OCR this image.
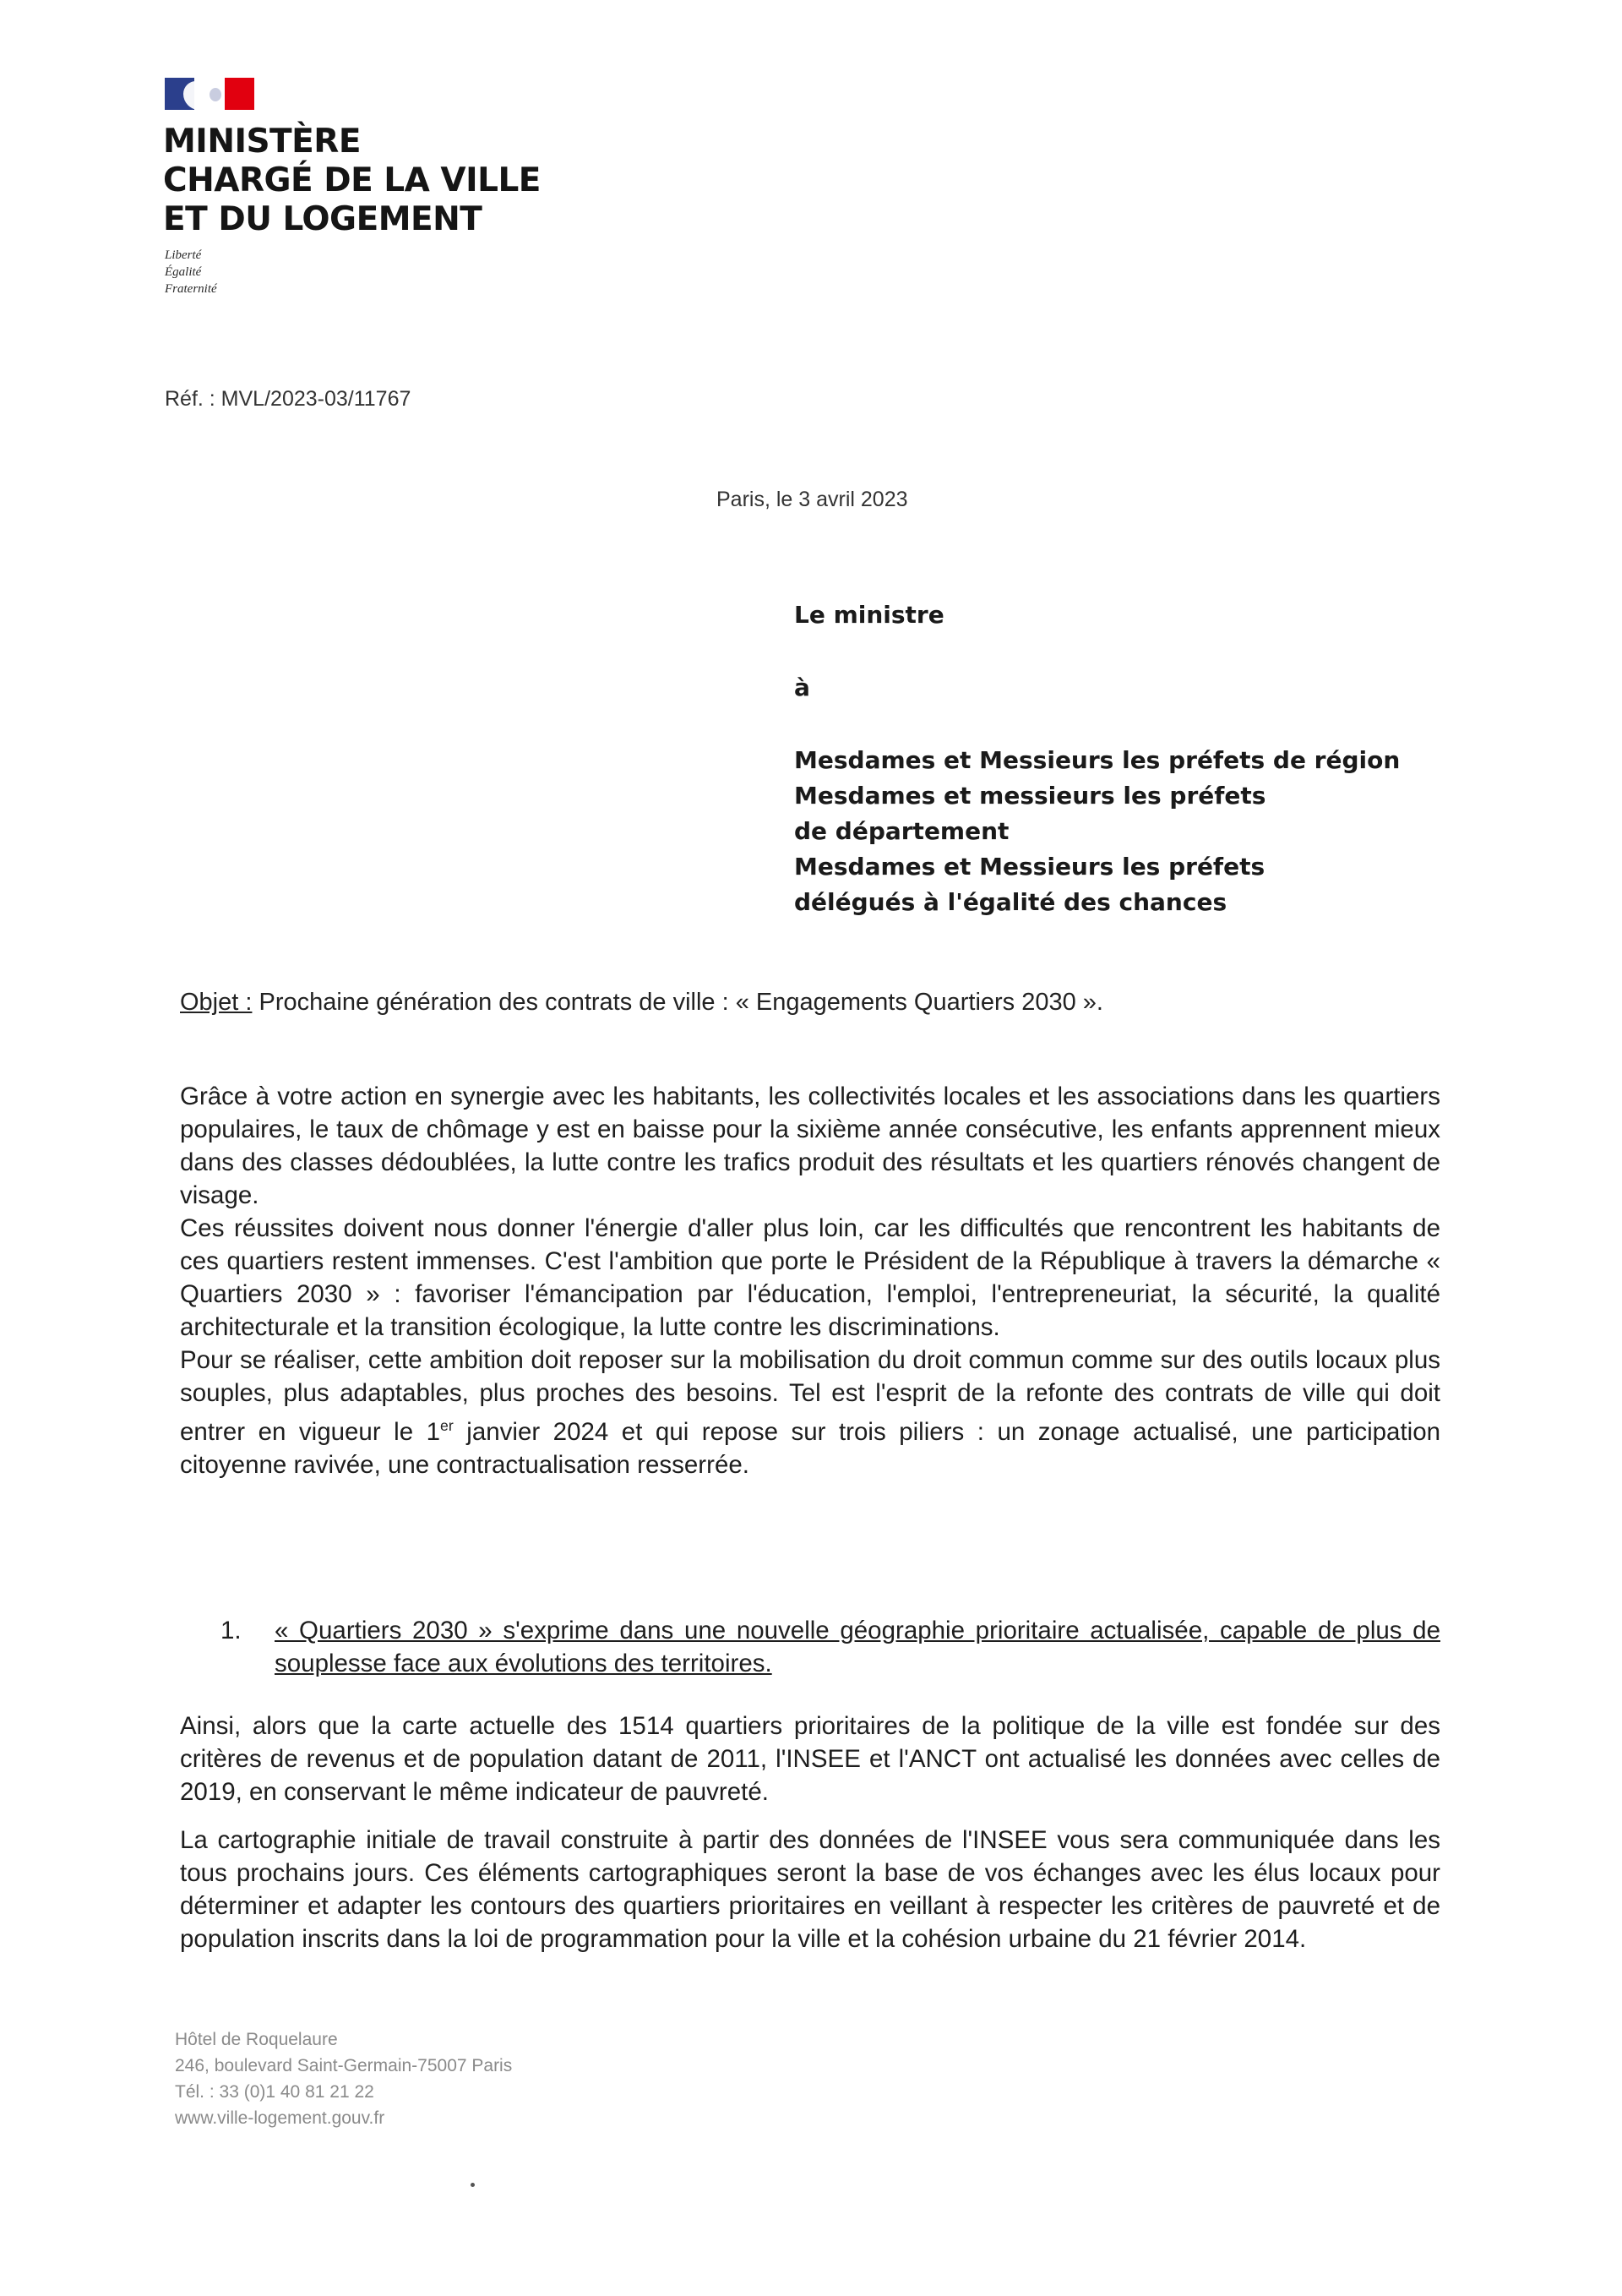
MINISTÈRE
CHARGÉ DE LA VILLE
ET DU LOGEMENT
Liberté
Égalité
Fraternité
Réf. : MVL/2023-03/11767
Paris, le 3 avril 2023
Le ministre
à
Mesdames et Messieurs les préfets de région
Mesdames et messieurs les préfets
de département
Mesdames et Messieurs les préfets
délégués à l'égalité des chances
Objet : Prochaine génération des contrats de ville : « Engagements Quartiers 2030 ».

Grâce à votre action en synergie avec les habitants, les collectivités locales et les associations dans les quartiers populaires, le taux de chômage y est en baisse pour la sixième année consécutive, les enfants apprennent mieux dans des classes dédoublées, la lutte contre les trafics produit des résultats et les quartiers rénovés changent de visage.

Ces réussites doivent nous donner l'énergie d'aller plus loin, car les difficultés que rencontrent les habitants de ces quartiers restent immenses. C'est l'ambition que porte le Président de la République à travers la démarche « Quartiers 2030 » : favoriser l'émancipation par l'éducation, l'emploi, l'entrepreneuriat, la sécurité, la qualité architecturale et la transition écologique, la lutte contre les discriminations.

Pour se réaliser, cette ambition doit reposer sur la mobilisation du droit commun comme sur des outils locaux plus souples, plus adaptables, plus proches des besoins. Tel est l'esprit de la refonte des contrats de ville qui doit entrer en vigueur le 1er janvier 2024 et qui repose sur trois piliers : un zonage actualisé, une participation citoyenne ravivée, une contractualisation resserrée.

1. « Quartiers 2030 » s'exprime dans une nouvelle géographie prioritaire actualisée, capable de plus de souplesse face aux évolutions des territoires.
Ainsi, alors que la carte actuelle des 1514 quartiers prioritaires de la politique de la ville est fondée sur des critères de revenus et de population datant de 2011, l'INSEE et l'ANCT ont actualisé les données avec celles de 2019, en conservant le même indicateur de pauvreté.
La cartographie initiale de travail construite à partir des données de l'INSEE vous sera communiquée dans les tous prochains jours. Ces éléments cartographiques seront la base de vos échanges avec les élus locaux pour déterminer et adapter les contours des quartiers prioritaires en veillant à respecter les critères de pauvreté et de population inscrits dans la loi de programmation pour la ville et la cohésion urbaine du 21 février 2014.
Hôtel de Roquelaure
246, boulevard Saint-Germain-75007 Paris
Tél. : 33 (0)1 40 81 21 22
www.ville-logement.gouv.fr
